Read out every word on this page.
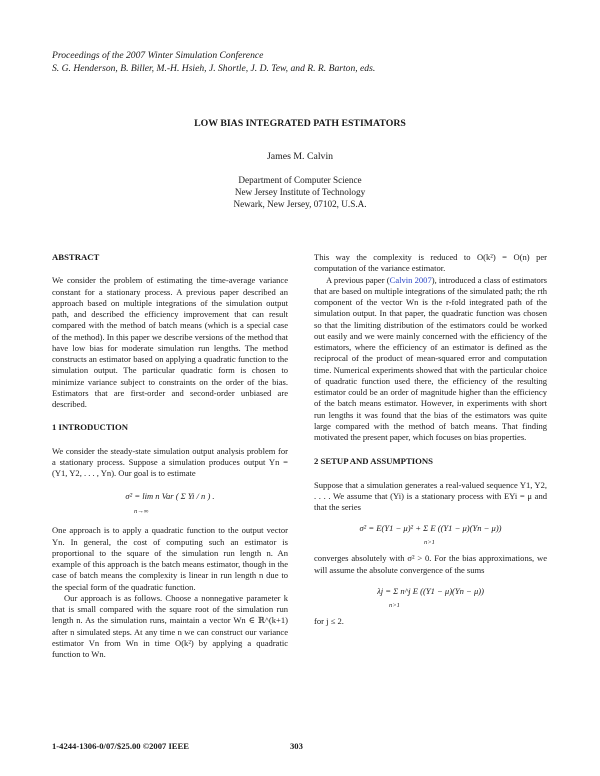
Proceedings of the 2007 Winter Simulation Conference
S. G. Henderson, B. Biller, M.-H. Hsieh, J. Shortle, J. D. Tew, and R. R. Barton, eds.
LOW BIAS INTEGRATED PATH ESTIMATORS
James M. Calvin
Department of Computer Science
New Jersey Institute of Technology
Newark, New Jersey, 07102, U.S.A.

ABSTRACT

We consider the problem of estimating the time-average variance constant for a stationary process. A previous paper described an approach based on multiple integrations of the simulation output path, and described the efficiency improvement that can result compared with the method of batch means (which is a special case of the method). In this paper we describe versions of the method that have low bias for moderate simulation run lengths. The method constructs an estimator based on applying a quadratic function to the simulation output. The particular quadratic form is chosen to minimize variance subject to constraints on the order of the bias. Estimators that are first-order and second-order unbiased are described.

1 INTRODUCTION

We consider the steady-state simulation output analysis problem for a stationary process. Suppose a simulation produces output Yn = (Y1, Y2, . . . , Yn). Our goal is to estimate

σ² = lim n Var ( Σ Yi / n ) .
n→∞

One approach is to apply a quadratic function to the output vector Yn. In general, the cost of computing such an estimator is proportional to the square of the simulation run length n. An example of this approach is the batch means estimator, though in the case of batch means the complexity is linear in run length n due to the special form of the quadratic function.

Our approach is as follows. Choose a nonnegative parameter k that is small compared with the square root of the simulation run length n. As the simulation runs, maintain a vector Wn ∈ ℝ^(k+1) after n simulated steps. At any time n we can construct our variance estimator Vn from Wn in time O(k²) by applying a quadratic function to Wn.

This way the complexity is reduced to O(k²) = O(n) per computation of the variance estimator.

A previous paper (Calvin 2007), introduced a class of estimators that are based on multiple integrations of the simulated path; the rth component of the vector Wn is the r-fold integrated path of the simulation output. In that paper, the quadratic function was chosen so that the limiting distribution of the estimators could be worked out easily and we were mainly concerned with the efficiency of the estimators, where the efficiency of an estimator is defined as the reciprocal of the product of mean-squared error and computation time. Numerical experiments showed that with the particular choice of quadratic function used there, the efficiency of the resulting estimator could be an order of magnitude higher than the efficiency of the batch means estimator. However, in experiments with short run lengths it was found that the bias of the estimators was quite large compared with the method of batch means. That finding motivated the present paper, which focuses on bias properties.

2 SETUP AND ASSUMPTIONS

Suppose that a simulation generates a real-valued sequence Y1, Y2, . . . . We assume that (Yi) is a stationary process with EYi = μ and that the series

σ² = E(Y1 − μ)² + Σ E ((Y1 − μ)(Yn − μ))
n>1

converges absolutely with σ² > 0. For the bias approximations, we will assume the absolute convergence of the sums

λj = Σ n^j E ((Y1 − μ)(Yn − μ))
n>1

for j ≤ 2.

1-4244-1306-0/07/$25.00 ©2007 IEEE	303
